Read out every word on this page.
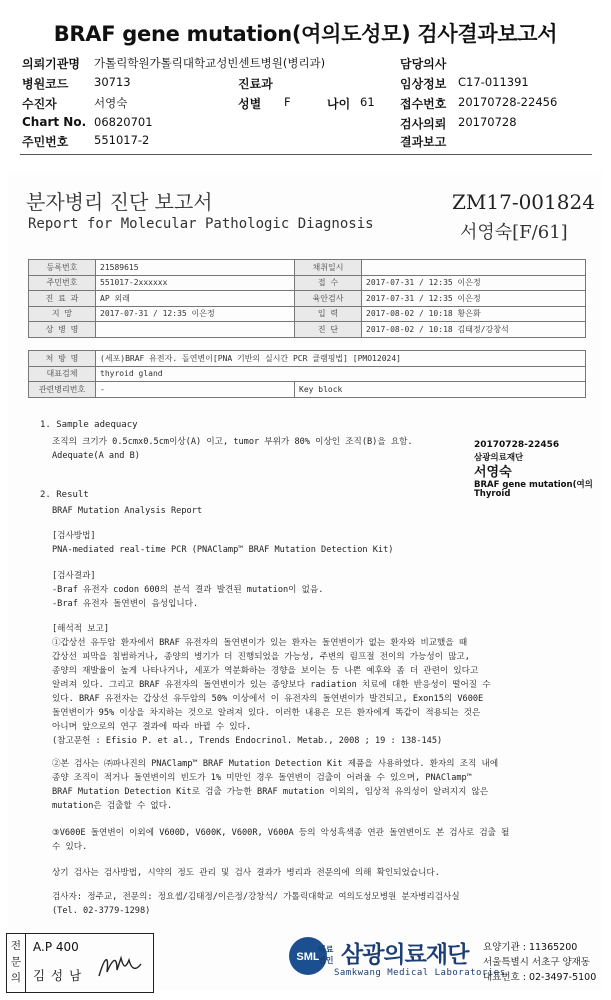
BRAF gene mutation(여의도성모) 검사결과보고서
의뢰기관명 가톨릭학원가톨릭대학교성빈센트병원(병리과)	담당의사
병원코드 30713	진료과	임상정보 C17-011391
수진자	서영숙	성별 F	나이 61 접수번호 20170728-22456
Chart No. 06820701	검사의뢰 20170728
주민번호 551017-2	결과보고
분자병리 진단 보고서
Report for Molecular Pathologic Diagnosis
ZM17-001824
서영숙[F/61]
등록번호	21589615	채취일시	
주민번호	551017-2xxxxxx	접 수	2017-07-31 / 12:35 이은정
진 료 과	AP 외래	육안검사	2017-07-31 / 12:35 이은정
지 망	2017-07-31 / 12:35 이은정	입 력	2017-08-02 / 10:18 황은화
상 병 명		진 단	2017-08-02 / 10:18 김태정/강창석
처 방 명	(세포)BRAF 유전자. 돌연변이[PNA 기반의 실시간 PCR 클램핑법] [PMO12024]	
대표검체	thyroid gland	
관련병리번호	-	Key block
20170728-22456
삼광의료재단
서영숙
BRAF gene mutation(여의
Thyroid
1. Sample adequacy
조직의 크기가 0.5cmx0.5cm이상(A) 이고, tumor 부위가 80% 이상인 조직(B)을 요함.
Adequate(A and B)
2. Result
BRAF Mutation Analysis Report
[검사방법]
PNA-mediated real-time PCR (PNAClamp™ BRAF Mutation Detection Kit)
[검사결과]
-Braf 유전자 codon 600의 분석 결과 발견된 mutation이 없음.
-Braf 유전자 돌연변이 음성입니다.
[해석적 보고]
①갑상선 유두암 환자에서 BRAF 유전자의 돌연변이가 있는 환자는 돌연변이가 없는 환자와 비교했을 때
갑상선 피막을 침범하거나, 종양의 병기가 더 진행되었을 가능성, 주변의 림프절 전이의 가능성이 많고,
종양의 재발율이 높게 나타나거나, 세포가 역분화하는 경향을 보이는 등 나쁜 예후와 좀 더 관련이 있다고
알려져 있다. 그리고 BRAF 유전자의 돌연변이가 있는 종양보다 radiation 치료에 대한 반응성이 떨어질 수
있다. BRAF 유전자는 갑상선 유두암의 50% 이상에서 이 유전자의 돌연변이가 발견되고, Exon15의 V600E
돌연변이가 95% 이상을 차지하는 것으로 알려져 있다. 이러한 내용은 모든 환자에게 똑같이 적용되는 것은
아니며 앞으로의 연구 결과에 따라 바뀔 수 있다.
(참고문헌 : Efisio P. et al., Trends Endocrinol. Metab., 2008 ; 19 : 138-145)
②본 검사는 ㈜파나진의 PNAClamp™ BRAF Mutation Detection Kit 제품을 사용하였다. 환자의 조직 내에
종양 조직이 적거나 돌연변이의 빈도가 1% 미만인 경우 돌연변이 검출이 어려울 수 있으며, PNAClamp™
BRAF Mutation Detection Kit로 검출 가능한 BRAF mutation 이외의, 임상적 유의성이 알려지지 않은
mutation은 검출할 수 없다.
③V600E 돌연변이 이외에 V600D, V600K, V600R, V600A 등의 악성흑색종 연관 돌연변이도 본 검사로 검출 될
수 있다.
상기 검사는 검사방법, 시약의 정도 관리 및 검사 결과가 병리과 전문의에 의해 확인되었습니다.
검사자: 정주교, 전문의: 정요셉/김태정/이은정/강창석/ 가톨릭대학교 여의도성모병원 분자병리검사실
(Tel. 02-3779-1298)
전문의
A.P 400
김 성 남
SML
의료
법인 삼광의료재단
Samkwang Medical Laboratories
요양기관 : 11365200
서울특별시 서초구 양재동
대표번호 : 02-3497-5100
